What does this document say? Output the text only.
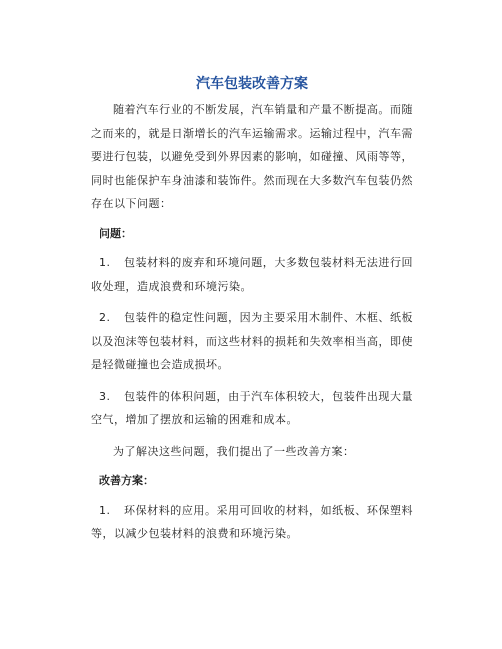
汽车包装改善方案

随着汽车行业的不断发展，汽车销量和产量不断提高。而随之而来的，就是日渐增长的汽车运输需求。运输过程中，汽车需要进行包装，以避免受到外界因素的影响，如碰撞、风雨等等，同时也能保护车身油漆和装饰件。然而现在大多数汽车包装仍然存在以下问题：

问题：
1. 包装材料的废弃和环境问题，大多数包装材料无法进行回收处理，造成浪费和环境污染。
2. 包装件的稳定性问题，因为主要采用木制件、木框、纸板以及泡沫等包装材料，而这些材料的损耗和失效率相当高，即使是轻微碰撞也会造成损坏。
3. 包装件的体积问题，由于汽车体积较大，包装件出现大量空气，增加了摆放和运输的困难和成本。

为了解决这些问题，我们提出了一些改善方案：

改善方案：
1. 环保材料的应用。采用可回收的材料，如纸板、环保塑料等，以减少包装材料的浪费和环境污染。
